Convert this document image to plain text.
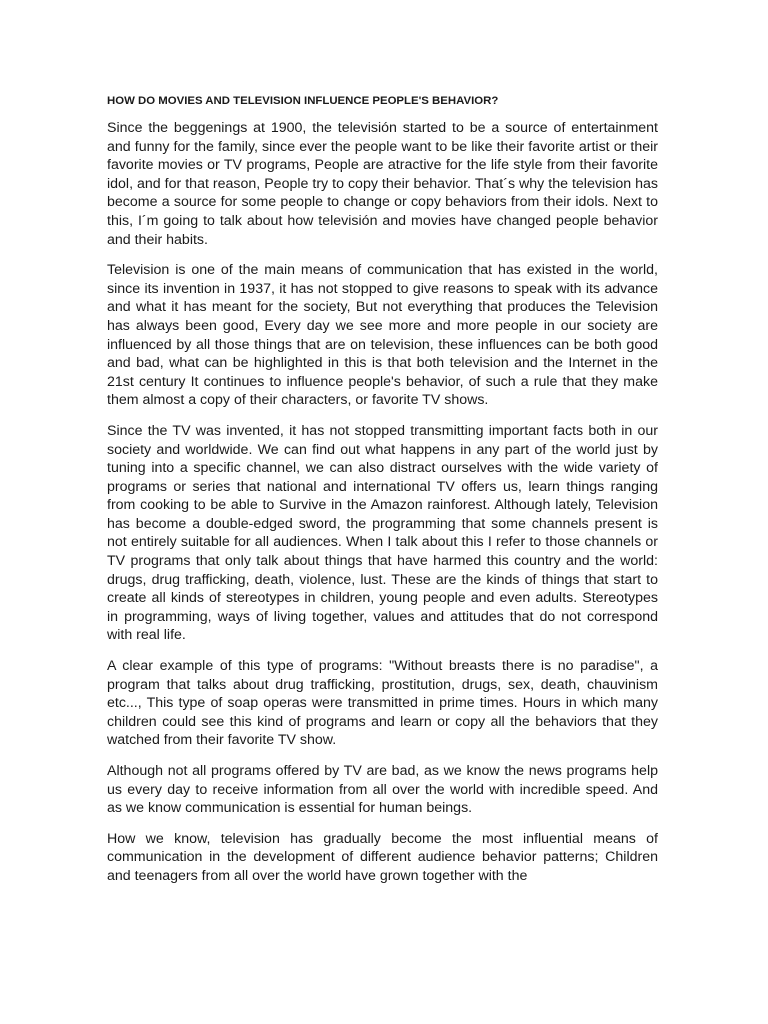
HOW DO MOVIES AND TELEVISION INFLUENCE PEOPLE'S BEHAVIOR?

Since the beggenings at 1900, the televisión started to be a source of entertainment and funny for the family, since ever the people want to be like their favorite artist or their favorite movies or TV programs, People are atractive for the life style from their favorite idol, and for that reason, People try to copy their behavior. That´s why the television has become a source for some people to change or copy behaviors from their idols. Next to this, I´m going to talk about how televisión and movies have changed people behavior and their habits.

Television is one of the main means of communication that has existed in the world, since its invention in 1937, it has not stopped to give reasons to speak with its advance and what it has meant for the society, But not everything that produces the Television has always been good, Every day we see more and more people in our society are influenced by all those things that are on television, these influences can be both good and bad, what can be highlighted in this is that both television and the Internet in the 21st century It continues to influence people's behavior, of such a rule that they make them almost a copy of their characters, or favorite TV shows.

Since the TV was invented, it has not stopped transmitting important facts both in our society and worldwide. We can find out what happens in any part of the world just by tuning into a specific channel, we can also distract ourselves with the wide variety of programs or series that national and international TV offers us, learn things ranging from cooking to be able to Survive in the Amazon rainforest. Although lately, Television has become a double-edged sword, the programming that some channels present is not entirely suitable for all audiences. When I talk about this I refer to those channels or TV programs that only talk about things that have harmed this country and the world: drugs, drug trafficking, death, violence, lust. These are the kinds of things that start to create all kinds of stereotypes in children, young people and even adults. Stereotypes in programming, ways of living together, values and attitudes that do not correspond with real life.

A clear example of this type of programs: "Without breasts there is no paradise", a program that talks about drug trafficking, prostitution, drugs, sex, death, chauvinism etc..., This type of soap operas were transmitted in prime times. Hours in which many children could see this kind of programs and learn or copy all the behaviors that they watched from their favorite TV show.

Although not all programs offered by TV are bad, as we know the news programs help us every day to receive information from all over the world with incredible speed. And as we know communication is essential for human beings.

How we know, television has gradually become the most influential means of communication in the development of different audience behavior patterns; Children and teenagers from all over the world have grown together with the
